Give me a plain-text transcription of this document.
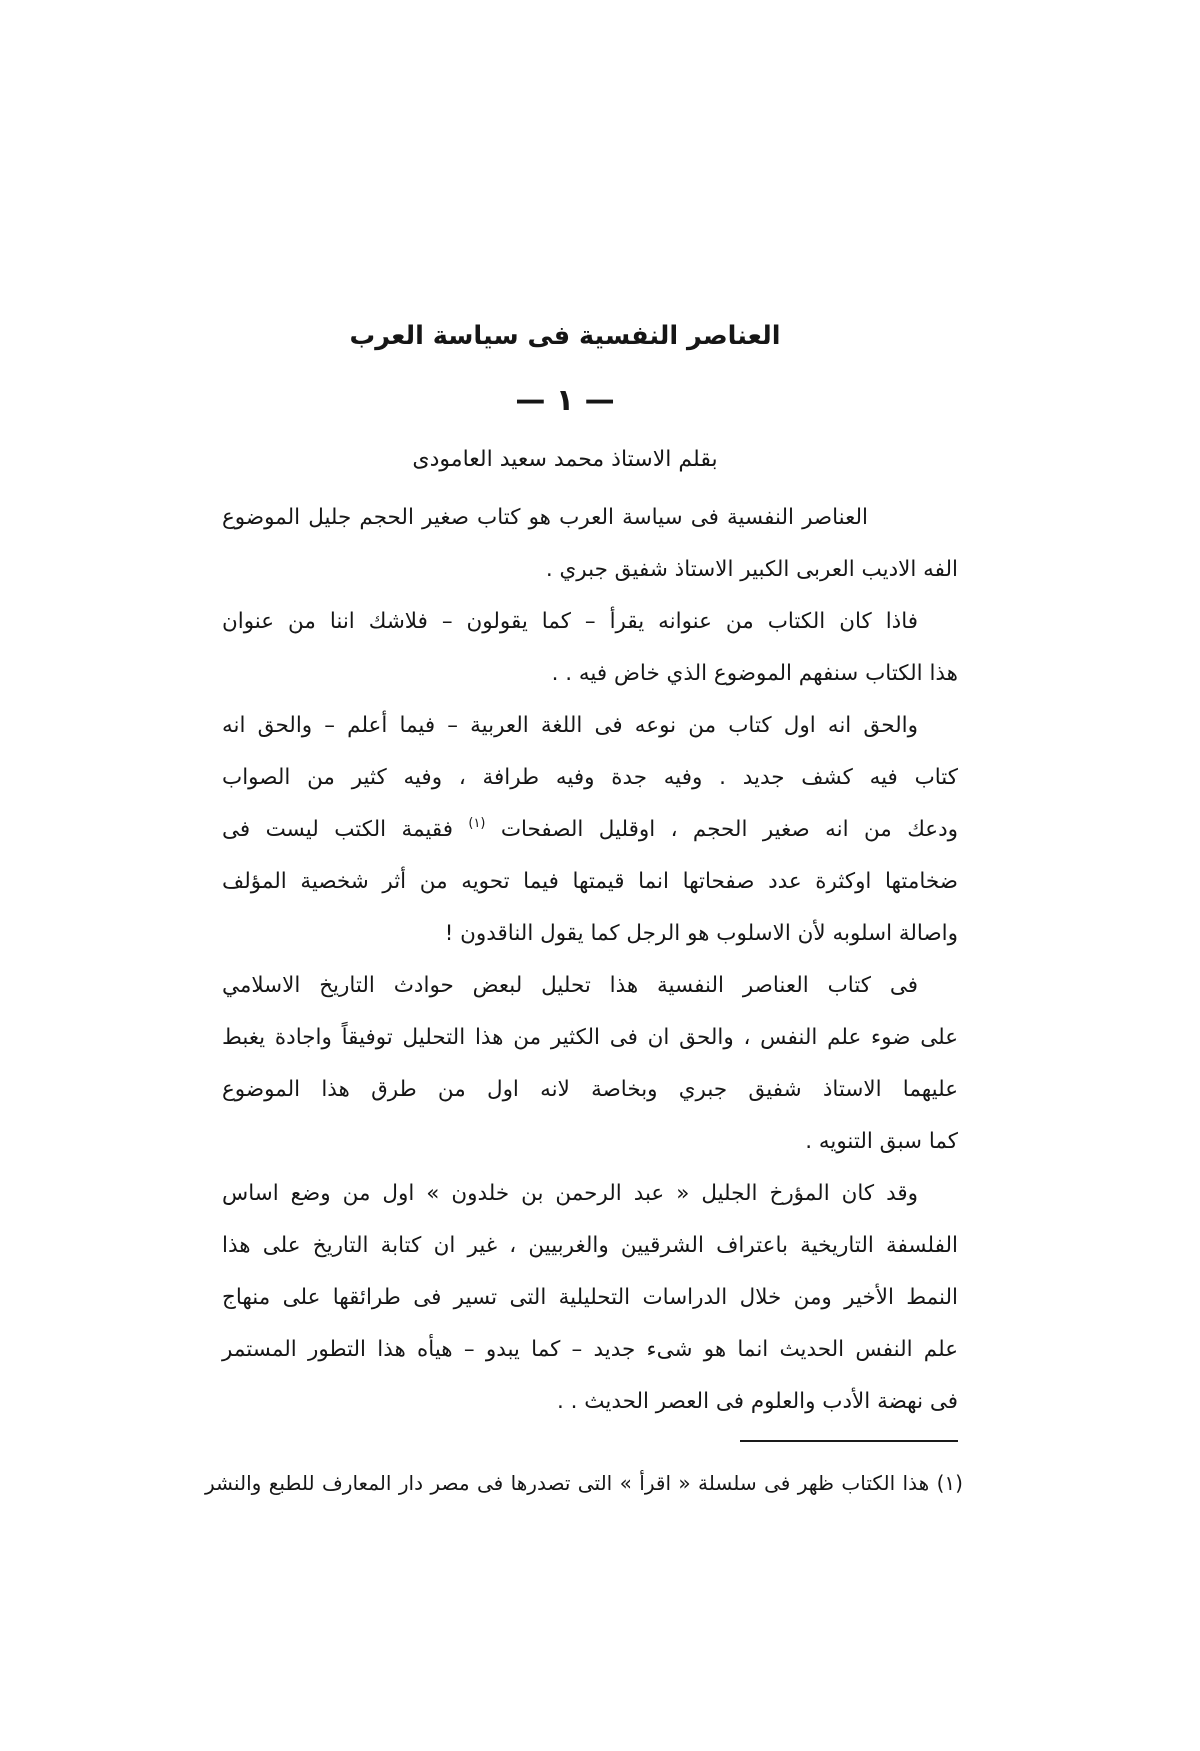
العناصر النفسية فى سياسة العرب
— ١ —
بقلم الاستاذ محمد سعيد العامودى
العناصر النفسية فى سياسة العرب هو كتاب صغير الحجم جليل الموضوع
الفه الاديب العربى الكبير الاستاذ شفيق جبري .
فاذا كان الكتاب من عنوانه يقرأ – كما يقولون – فلاشك اننا من عنوان
هذا الكتاب سنفهم الموضوع الذي خاض فيه . .
والحق انه اول كتاب من نوعه فى اللغة العربية – فيما أعلم – والحق انه
كتاب فيه كشف جديد . وفيه جدة وفيه طرافة ، وفيه كثير من الصواب
ودعك من انه صغير الحجم ، اوقليل الصفحات $^{(١)}$ فقيمة الكتب ليست فى
ضخامتها اوكثرة عدد صفحاتها انما قيمتها فيما تحويه من أثر شخصية المؤلف
واصالة اسلوبه لأن الاسلوب هو الرجل كما يقول الناقدون !
فى كتاب العناصر النفسية هذا تحليل لبعض حوادث التاريخ الاسلامي
على ضوء علم النفس ، والحق ان فى الكثير من هذا التحليل توفيقاً واجادة يغبط
عليهما الاستاذ شفيق جبري وبخاصة لانه اول من طرق هذا الموضوع
كما سبق التنويه .
وقد كان المؤرخ الجليل « عبد الرحمن بن خلدون » اول من وضع اساس
الفلسفة التاريخية باعتراف الشرقيين والغربيين ، غير ان كتابة التاريخ على هذا
النمط الأخير ومن خلال الدراسات التحليلية التى تسير فى طرائقها على منهاج
علم النفس الحديث انما هو شىء جديد – كما يبدو – هيأه هذا التطور المستمر
فى نهضة الأدب والعلوم فى العصر الحديث . .
(١) هذا الكتاب ظهر فى سلسلة « اقرأ » التى تصدرها فى مصر دار المعارف للطبع والنشر
